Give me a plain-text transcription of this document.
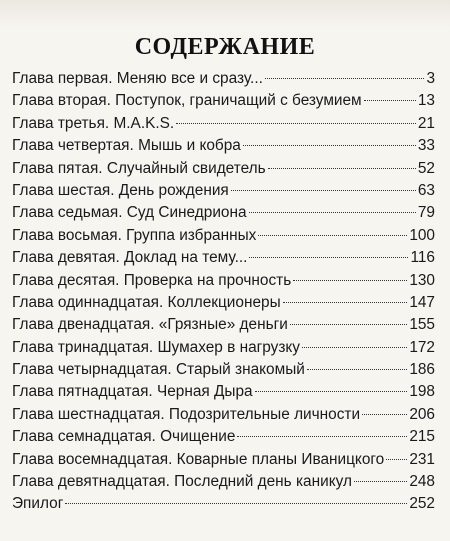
СОДЕРЖАНИЕ
Глава первая. Меняю все и сразу...	3
Глава вторая. Поступок, граничащий с безумием	13
Глава третья. M.A.K.S.	21
Глава четвертая. Мышь и кобра	33
Глава пятая. Случайный свидетель	52
Глава шестая. День рождения	63
Глава седьмая. Суд Синедриона	79
Глава восьмая. Группа избранных	100
Глава девятая. Доклад на тему...	116
Глава десятая. Проверка на прочность	130
Глава одиннадцатая. Коллекционеры	147
Глава двенадцатая. «Грязные» деньги	155
Глава тринадцатая. Шумахер в нагрузку	172
Глава четырнадцатая. Старый знакомый	186
Глава пятнадцатая. Черная Дыра	198
Глава шестнадцатая. Подозрительные личности	206
Глава семнадцатая. Очищение	215
Глава восемнадцатая. Коварные планы Иваницкого 231
Глава девятнадцатая. Последний день каникул	248
Эпилог	252
